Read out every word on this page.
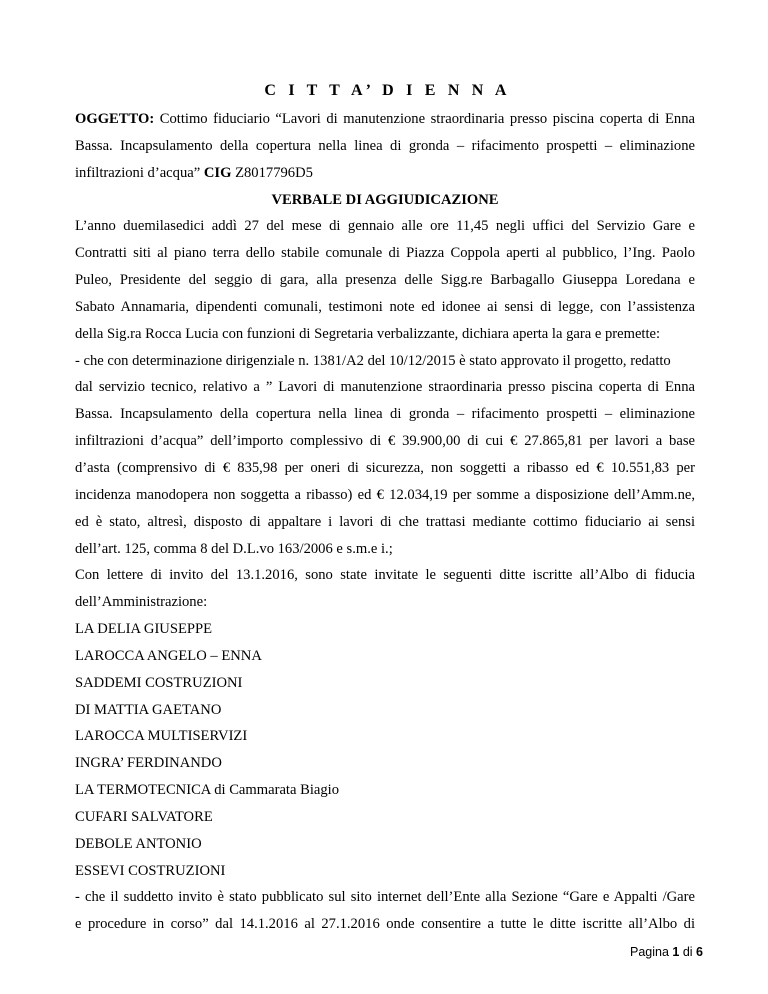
C I T T A’ D I E N N A
OGGETTO: Cottimo fiduciario “Lavori di manutenzione straordinaria presso piscina coperta di Enna
Bassa. Incapsulamento della copertura nella linea di gronda – rifacimento prospetti – eliminazione
infiltrazioni d’acqua” CIG Z8017796D5
VERBALE DI AGGIUDICAZIONE
L’anno duemilasedici addì 27 del mese di gennaio alle ore 11,45 negli uffici del Servizio Gare e
Contratti siti al piano terra dello stabile comunale di Piazza Coppola aperti al pubblico, l’Ing. Paolo
Puleo, Presidente del seggio di gara, alla presenza delle Sigg.re Barbagallo Giuseppa Loredana e
Sabato Annamaria, dipendenti comunali, testimoni note ed idonee ai sensi di legge, con l’assistenza
della Sig.ra Rocca Lucia con funzioni di Segretaria verbalizzante, dichiara aperta la gara e premette:
- che con determinazione dirigenziale n. 1381/A2 del 10/12/2015 è stato approvato il progetto, redatto
dal servizio tecnico, relativo a ” Lavori di manutenzione straordinaria presso piscina coperta di Enna
Bassa. Incapsulamento della copertura nella linea di gronda – rifacimento prospetti – eliminazione
infiltrazioni d’acqua” dell’importo complessivo di € 39.900,00 di cui € 27.865,81 per lavori a base
d’asta (comprensivo di € 835,98 per oneri di sicurezza, non soggetti a ribasso ed € 10.551,83 per
incidenza manodopera non soggetta a ribasso) ed € 12.034,19 per somme a disposizione dell’Amm.ne,
ed è stato, altresì, disposto di appaltare i lavori di che trattasi mediante cottimo fiduciario ai sensi
dell’art. 125, comma 8 del D.L.vo 163/2006 e s.m.e i.;
Con lettere di invito del 13.1.2016, sono state invitate le seguenti ditte iscritte all’Albo di fiducia
dell’Amministrazione:
LA DELIA GIUSEPPE
LAROCCA ANGELO – ENNA
SADDEMI COSTRUZIONI
DI MATTIA GAETANO
LAROCCA MULTISERVIZI
INGRA’ FERDINANDO
LA TERMOTECNICA di Cammarata Biagio
CUFARI SALVATORE
DEBOLE ANTONIO
ESSEVI COSTRUZIONI
- che il suddetto invito è stato pubblicato sul sito internet dell’Ente alla Sezione “Gare e Appalti /Gare
e procedure in corso” dal 14.1.2016 al 27.1.2016 onde consentire a tutte le ditte iscritte all’Albo di
Pagina 1 di 6
